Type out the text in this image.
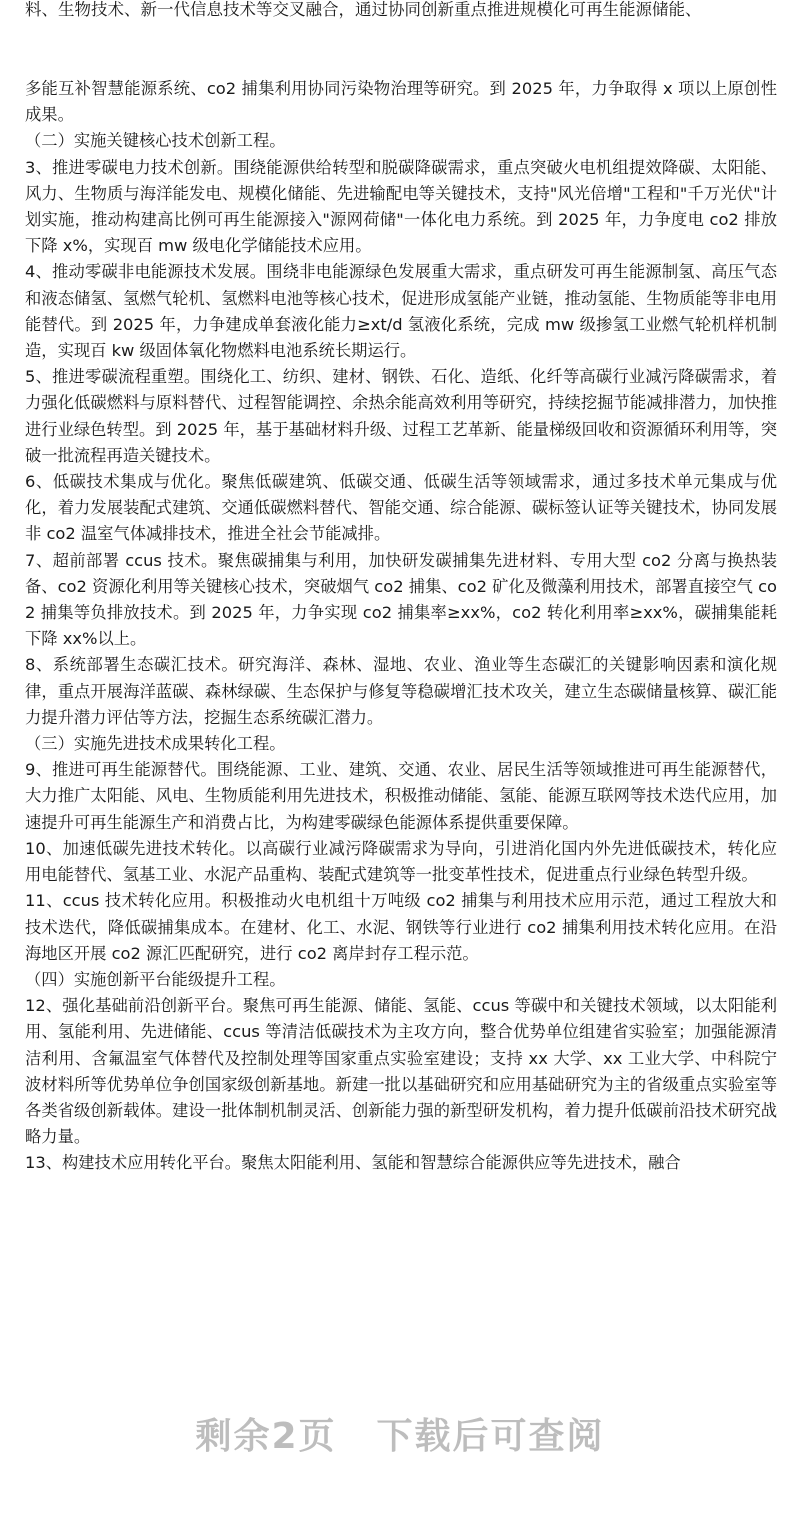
料、生物技术、新一代信息技术等交叉融合，通过协同创新重点推进规模化可再生能源储能、

多能互补智慧能源系统、co2 捕集利用协同污染物治理等研究。到 2025 年，力争取得 x 项以上原创性成果。

（二）实施关键核心技术创新工程。

3、推进零碳电力技术创新。围绕能源供给转型和脱碳降碳需求，重点突破火电机组提效降碳、太阳能、风力、生物质与海洋能发电、规模化储能、先进输配电等关键技术，支持"风光倍增"工程和"千万光伏"计划实施，推动构建高比例可再生能源接入"源网荷储"一体化电力系统。到 2025 年，力争度电 co2 排放下降 x%，实现百 mw 级电化学储能技术应用。

4、推动零碳非电能源技术发展。围绕非电能源绿色发展重大需求，重点研发可再生能源制氢、高压气态和液态储氢、氢燃气轮机、氢燃料电池等核心技术，促进形成氢能产业链，推动氢能、生物质能等非电用能替代。到 2025 年，力争建成单套液化能力≥xt/d 氢液化系统，完成 mw 级掺氢工业燃气轮机样机制造，实现百 kw 级固体氧化物燃料电池系统长期运行。

5、推进零碳流程重塑。围绕化工、纺织、建材、钢铁、石化、造纸、化纤等高碳行业减污降碳需求，着力强化低碳燃料与原料替代、过程智能调控、余热余能高效利用等研究，持续挖掘节能减排潜力，加快推进行业绿色转型。到 2025 年，基于基础材料升级、过程工艺革新、能量梯级回收和资源循环利用等，突破一批流程再造关键技术。

6、低碳技术集成与优化。聚焦低碳建筑、低碳交通、低碳生活等领域需求，通过多技术单元集成与优化，着力发展装配式建筑、交通低碳燃料替代、智能交通、综合能源、碳标签认证等关键技术，协同发展非 co2 温室气体减排技术，推进全社会节能减排。

7、超前部署 ccus 技术。聚焦碳捕集与利用，加快研发碳捕集先进材料、专用大型 co2 分离与换热装备、co2 资源化利用等关键核心技术，突破烟气 co2 捕集、co2 矿化及微藻利用技术，部署直接空气 co2 捕集等负排放技术。到 2025 年，力争实现 co2 捕集率≥xx%，co2 转化利用率≥xx%，碳捕集能耗下降 xx%以上。

8、系统部署生态碳汇技术。研究海洋、森林、湿地、农业、渔业等生态碳汇的关键影响因素和演化规律，重点开展海洋蓝碳、森林绿碳、生态保护与修复等稳碳增汇技术攻关，建立生态碳储量核算、碳汇能力提升潜力评估等方法，挖掘生态系统碳汇潜力。

（三）实施先进技术成果转化工程。

9、推进可再生能源替代。围绕能源、工业、建筑、交通、农业、居民生活等领域推进可再生能源替代，大力推广太阳能、风电、生物质能利用先进技术，积极推动储能、氢能、能源互联网等技术迭代应用，加速提升可再生能源生产和消费占比，为构建零碳绿色能源体系提供重要保障。

10、加速低碳先进技术转化。以高碳行业减污降碳需求为导向，引进消化国内外先进低碳技术，转化应用电能替代、氢基工业、水泥产品重构、装配式建筑等一批变革性技术，促进重点行业绿色转型升级。

11、ccus 技术转化应用。积极推动火电机组十万吨级 co2 捕集与利用技术应用示范，通过工程放大和技术迭代，降低碳捕集成本。在建材、化工、水泥、钢铁等行业进行 co2 捕集利用技术转化应用。在沿海地区开展 co2 源汇匹配研究，进行 co2 离岸封存工程示范。

（四）实施创新平台能级提升工程。

12、强化基础前沿创新平台。聚焦可再生能源、储能、氢能、ccus 等碳中和关键技术领域，以太阳能利用、氢能利用、先进储能、ccus 等清洁低碳技术为主攻方向，整合优势单位组建省实验室；加强能源清洁利用、含氟温室气体替代及控制处理等国家重点实验室建设；支持 xx 大学、xx 工业大学、中科院宁波材料所等优势单位争创国家级创新基地。新建一批以基础研究和应用基础研究为主的省级重点实验室等各类省级创新载体。建设一批体制机制灵活、创新能力强的新型研发机构，着力提升低碳前沿技术研究战略力量。

13、构建技术应用转化平台。聚焦太阳能利用、氢能和智慧综合能源供应等先进技术，融合

剩余2页 下载后可查阅
